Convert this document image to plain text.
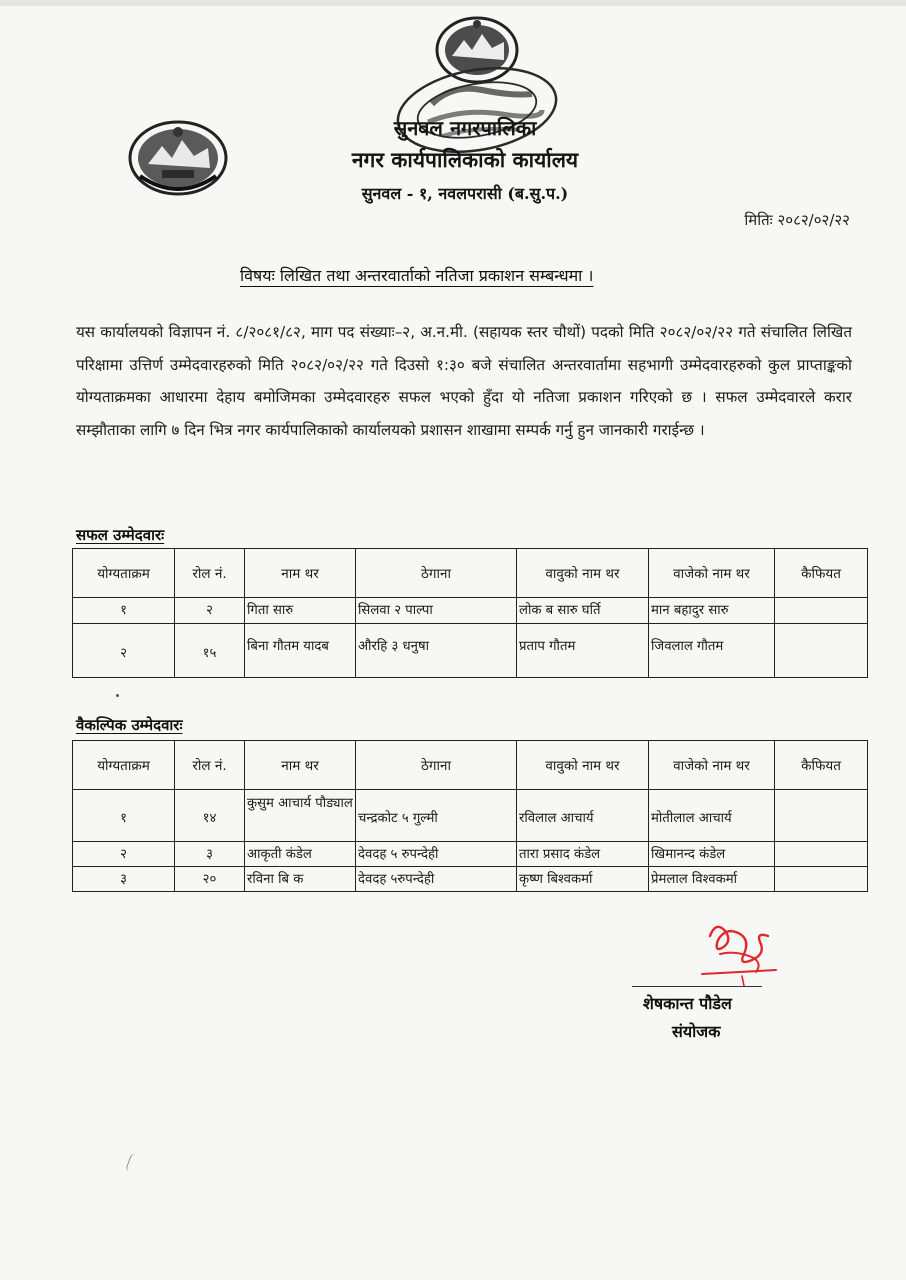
सुनवल नगरपालिका
नगर कार्यपालिकाको कार्यालय
सुनवल - १, नवलपरासी (ब.सु.प.)
मितिः २०८२/०२/२२
विषयः लिखित तथा अन्तरवार्ताको नतिजा प्रकाशन सम्बन्धमा ।
यस कार्यालयको विज्ञापन नं. ८/२०८१/८२, माग पद संख्याः–२, अ.न.मी. (सहायक स्तर चौथों) पदको मिति २०८२/०२/२२ गते संचालित लिखित परिक्षामा उत्तिर्ण उम्मेदवारहरुको मिति २०८२/०२/२२ गते दिउसो १:३० बजे संचालित अन्तरवार्तामा सहभागी उम्मेदवारहरुको कुल प्राप्ताङ्कको योग्यताक्रमका आधारमा देहाय बमोजिमका उम्मेदवारहरु सफल भएको हुँदा यो नतिजा प्रकाशन गरिएको छ । सफल उम्मेदवारले करार सम्झौताका लागि ७ दिन भित्र नगर कार्यपालिकाको कार्यालयको प्रशासन शाखामा सम्पर्क गर्नु हुन जानकारी गराईन्छ ।
सफल उम्मेदवारः
योग्यताक्रम	रोल नं.	नाम थर	ठेगाना	वावुको नाम थर	वाजेको नाम थर	कैफियत
१	२	गिता सारु	सिलवा २ पाल्पा	लोक ब सारु घर्ति	मान बहादुर सारु	
२	१५	बिना गौतम यादब	औरहि ३ धनुषा	प्रताप गौतम	जिवलाल गौतम	
वैकल्पिक उम्मेदवारः
योग्यताक्रम	रोल नं.	नाम थर	ठेगाना	वावुको नाम थर	वाजेको नाम थर	कैफियत
१	१४	कुसुम आचार्य पौड्याल	चन्द्रकोट ५ गुल्मी	रविलाल आचार्य	मोतीलाल आचार्य	
२	३	आकृती कंडेल	देवदह ५ रुपन्देही	तारा प्रसाद कंडेल	खिमानन्द कंडेल	
३	२०	रविना बि क	देवदह ५रुपन्देही	कृष्ण बिश्वकर्मा	प्रेमलाल विश्वकर्मा	
शेषकान्त पौडेल
संयोजक
